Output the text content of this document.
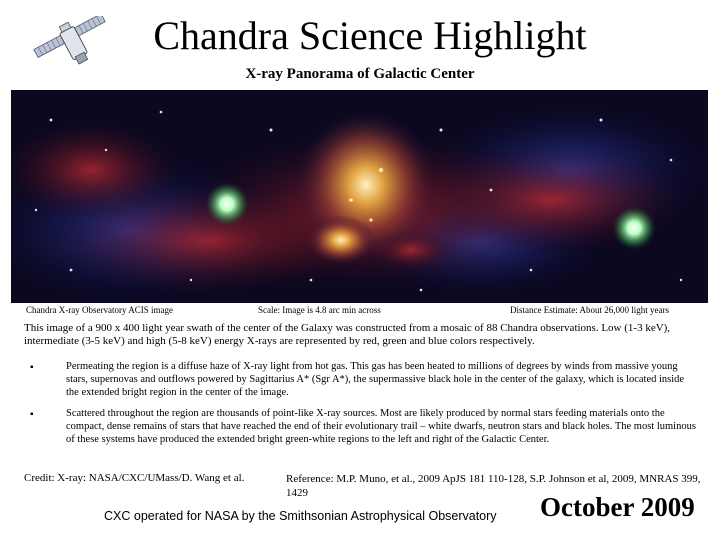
Chandra Science Highlight
X-ray Panorama of Galactic Center
Chandra X-ray Observatory ACIS image	Scale: Image is 4.8 arc min across	Distance Estimate: About 26,000 light years
This image of a 900 x 400 light year swath of the center of the Galaxy was constructed from a mosaic of 88 Chandra observations. Low (1-3 keV), intermediate (3-5 keV) and high (5-8 keV) energy X-rays are represented by red, green and blue colors respectively.
▪	Permeating the region is a diffuse haze of X-ray light from hot gas. This gas has been heated to millions of degrees by winds from massive young stars, supernovas and outflows powered by Sagittarius A* (Sgr A*), the supermassive black hole in the center of the galaxy, which is located inside the extended bright region in the center of the image.
▪	Scattered throughout the region are thousands of point-like X-ray sources. Most are likely produced by normal stars feeding materials onto the compact, dense remains of stars that have reached the end of their evolutionary trail – white dwarfs, neutron stars and black holes. The most luminous of these systems have produced the extended bright green-white regions to the left and right of the Galactic Center.
Credit: X-ray: NASA/CXC/UMass/D. Wang et al.	Reference: M.P. Muno, et al., 2009 ApJS 181 110-128, S.P. Johnson et al, 2009, MNRAS 399, 1429
CXC operated for NASA by the Smithsonian Astrophysical Observatory October 2009
